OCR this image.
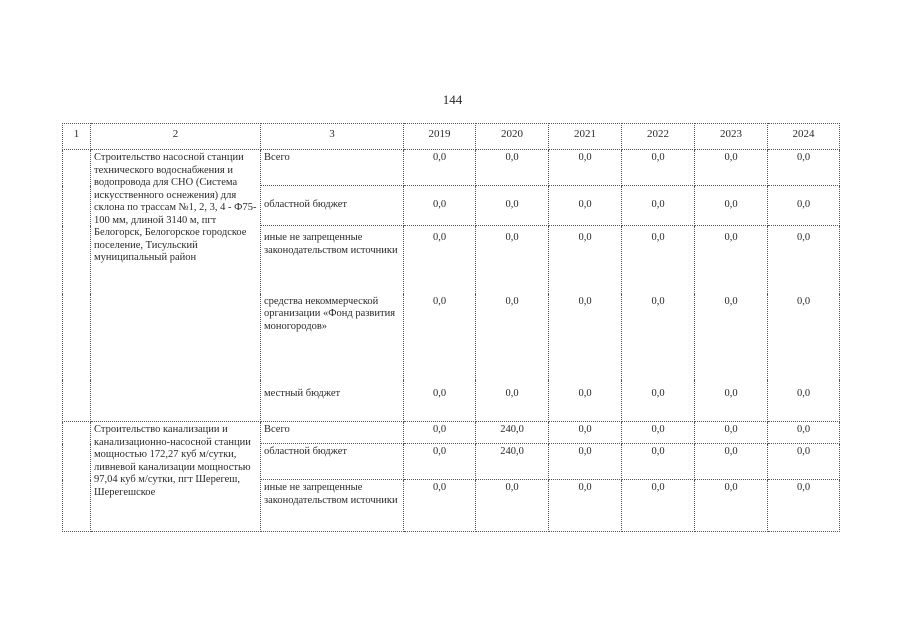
144
1	2	3	2019	2020	2021	2022	2023	2024
	Строительство насосной станции технического водоснабжения и водопровода для СНО (Система искусственного оснежения) для склона по трассам №1, 2, 3, 4 - Ф75-100 мм, длиной 3140 м, пгт Белогорск, Белогорское городское поселение, Тисульский муниципальный район	Всего	0,0	0,0	0,0	0,0	0,0	0,0
		областной бюджет	0,0	0,0	0,0	0,0	0,0	0,0
		иные не запрещенные законодательством источники	0,0	0,0	0,0	0,0	0,0	0,0
		средства некоммерческой организации «Фонд развития моногородов»	0,0	0,0	0,0	0,0	0,0	0,0
		местный бюджет	0,0	0,0	0,0	0,0	0,0	0,0
	Строительство канализации и канализационно-насосной станции мощностью 172,27 куб м/сутки, ливневой канализации мощностью 97,04 куб м/сутки, пгт Шерегеш, Шерегешское	Всего	0,0	240,0	0,0	0,0	0,0	0,0
		областной бюджет	0,0	240,0	0,0	0,0	0,0	0,0
		иные не запрещенные законодательством источники	0,0	0,0	0,0	0,0	0,0	0,0
